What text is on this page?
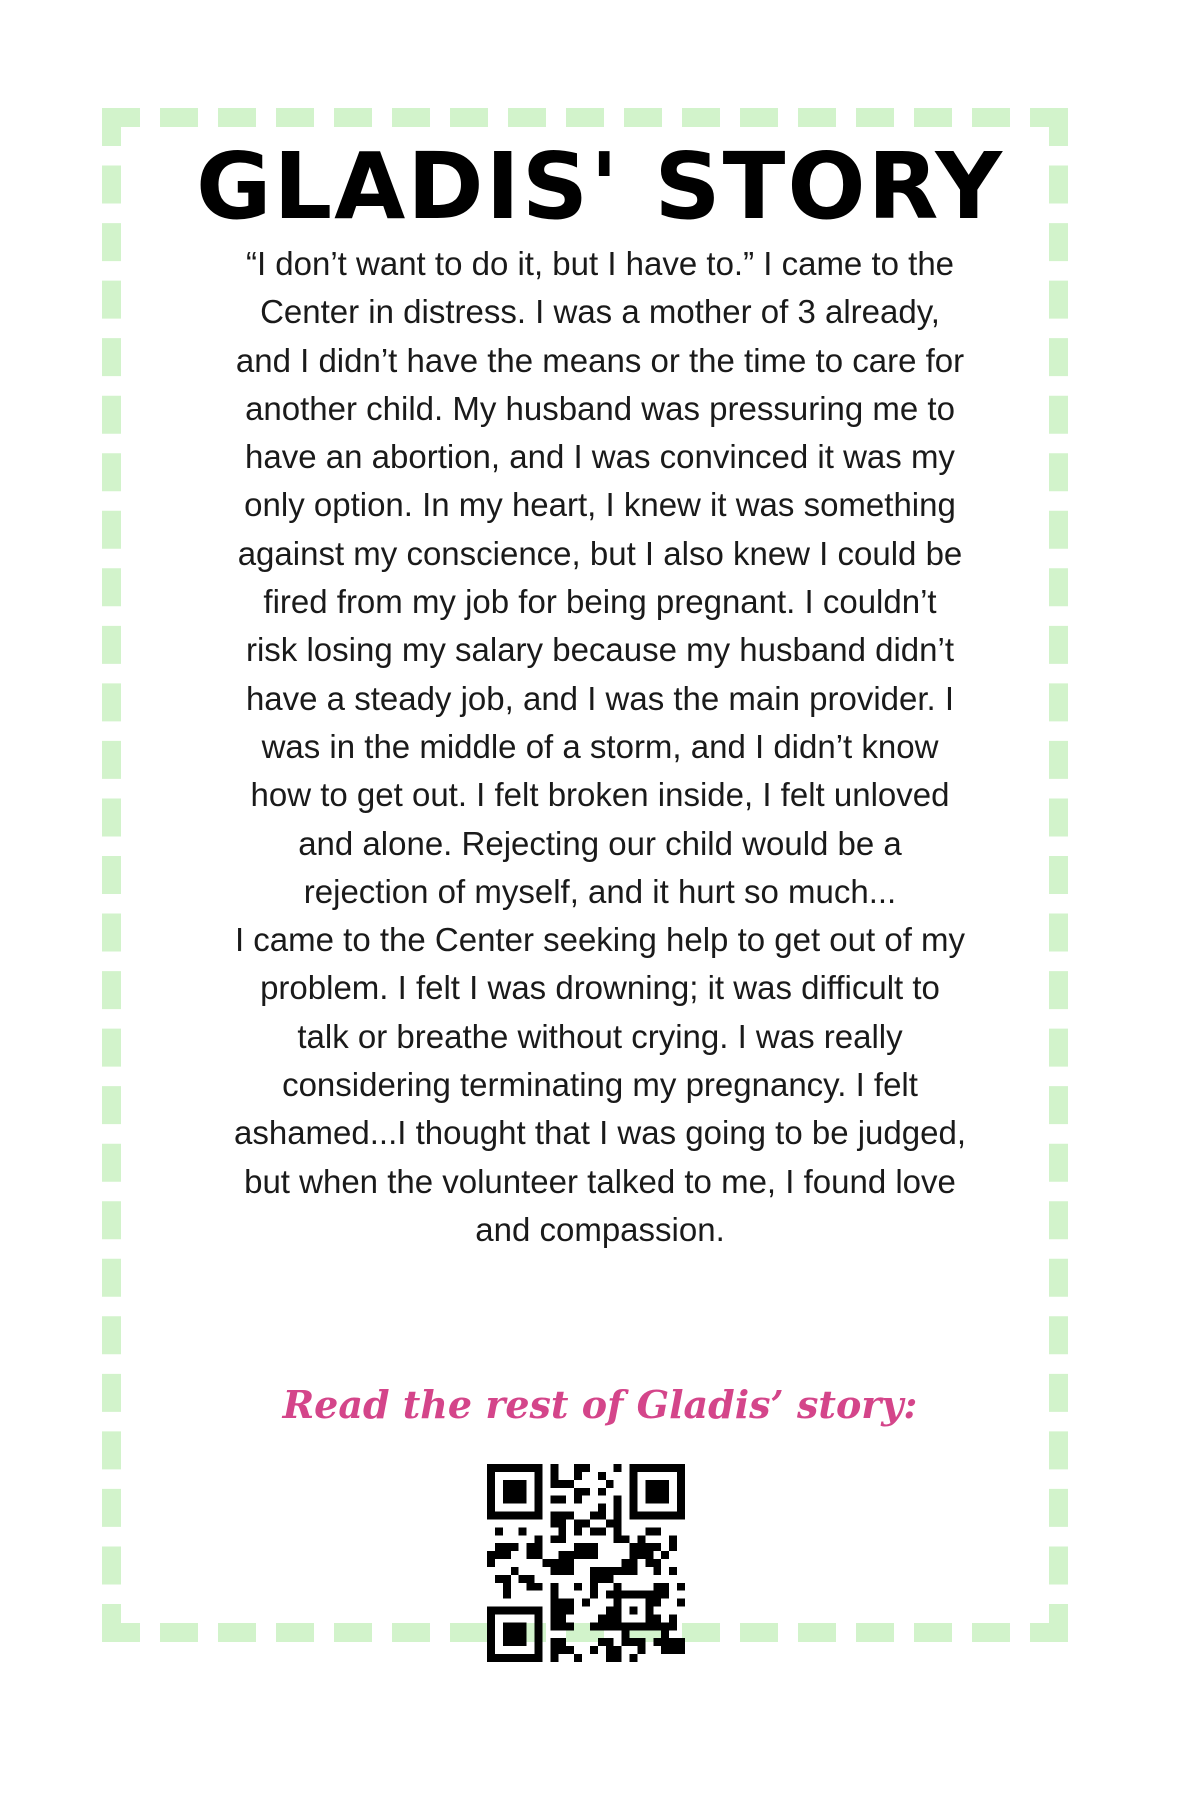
GLADIS' STORY
“I don’t want to do it, but I have to.” I came to the
Center in distress. I was a mother of 3 already,
and I didn’t have the means or the time to care for
another child. My husband was pressuring me to
have an abortion, and I was convinced it was my
only option. In my heart, I knew it was something
against my conscience, but I also knew I could be
fired from my job for being pregnant. I couldn’t
risk losing my salary because my husband didn’t
have a steady job, and I was the main provider. I
was in the middle of a storm, and I didn’t know
how to get out. I felt broken inside, I felt unloved
and alone. Rejecting our child would be a
rejection of myself, and it hurt so much...
I came to the Center seeking help to get out of my
problem. I felt I was drowning; it was difficult to
talk or breathe without crying. I was really
considering terminating my pregnancy. I felt
ashamed...I thought that I was going to be judged,
but when the volunteer talked to me, I found love
and compassion.

Read the rest of Gladis’ story:
